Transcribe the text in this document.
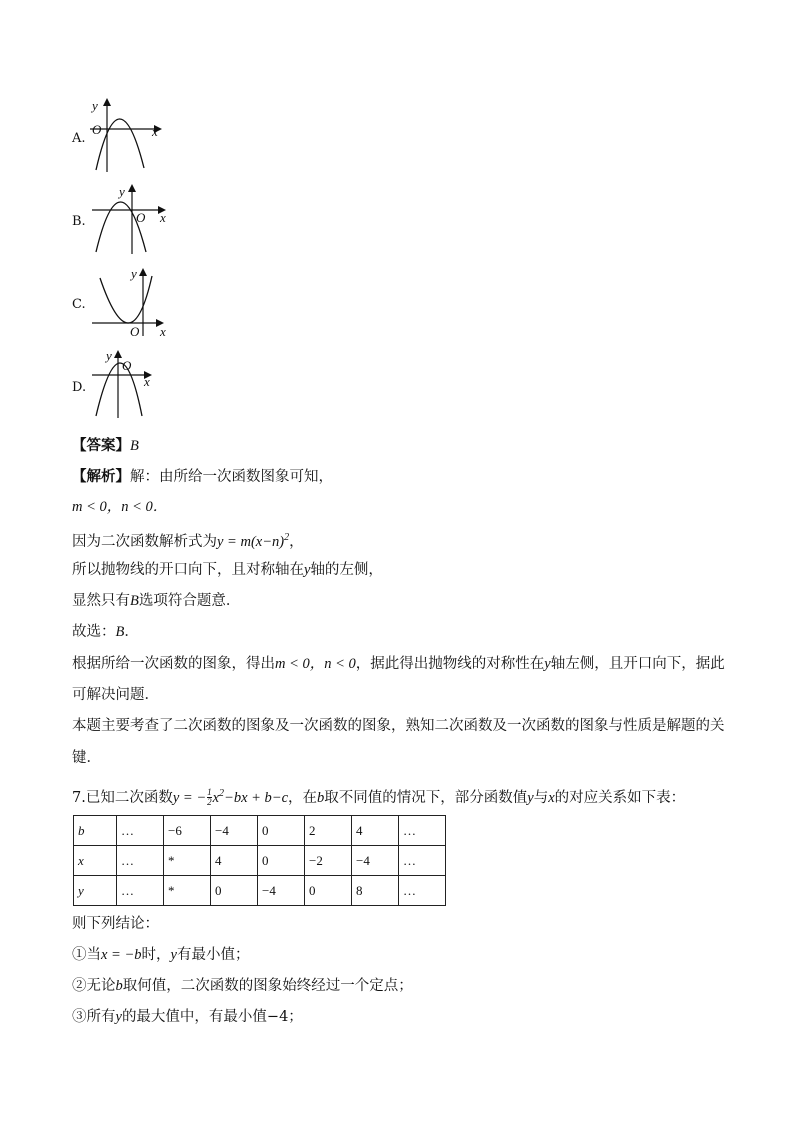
A.
y
O	x
B.
y
O x
C.
y
O x
D.
y
O
x
【答案】B
【解析】解：由所给一次函数图象可知，
m < 0，n < 0．
因为二次函数解析式为$y = m(x-n)^2$，
所以抛物线的开口向下，且对称轴在y轴的左侧，
显然只有B选项符合题意．
故选：B．
根据所给一次函数的图象，得出m < 0，n < 0，据此得出抛物线的对称性在y轴左侧，且开口向下，据此
可解决问题．
本题主要考查了二次函数的图象及一次函数的图象，熟知二次函数及一次函数的图象与性质是解题的关
键．
7.已知二次函数y = − $\frac{1}{2} x^2-bx + b-c$，在b取不同值的情况下，部分函数值y与x的对应关系如下表：
b	…	−6	−4	0	2	4	…
x	…	*	4	0	−2	−4	…
y	…	*	0	−4	0	8	…
则下列结论：
①当x = −b时，y有最小值；
②无论b取何值，二次函数的图象始终经过一个定点；
③所有y的最大值中，有最小值−4；
